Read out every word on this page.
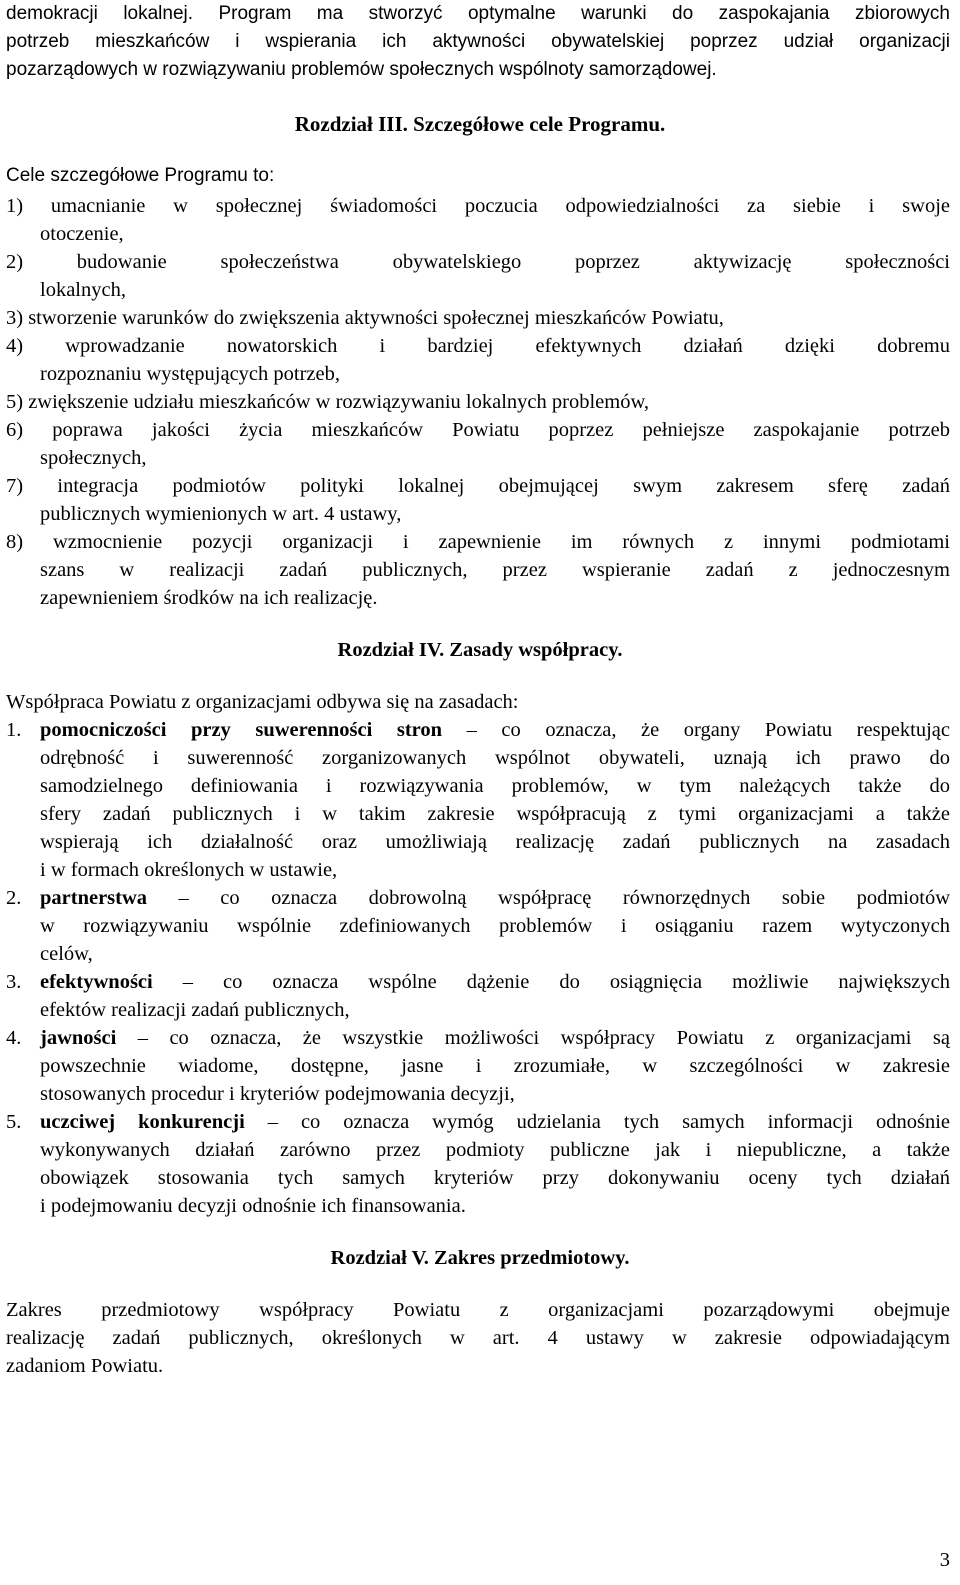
demokracji lokalnej. Program ma stworzyć optymalne warunki do zaspokajania zbiorowych

potrzeb mieszkańców i wspierania ich aktywności obywatelskiej poprzez udział organizacji

pozarządowych w rozwiązywaniu problemów społecznych wspólnoty samorządowej.

Rozdział III. Szczegółowe cele Programu.

Cele szczegółowe Programu to:

1) umacnianie w społecznej świadomości poczucia odpowiedzialności za siebie i swoje

otoczenie,

2) budowanie społeczeństwa obywatelskiego poprzez aktywizację społeczności

lokalnych,

3) stworzenie warunków do zwiększenia aktywności społecznej mieszkańców Powiatu,

4) wprowadzanie nowatorskich i bardziej efektywnych działań dzięki dobremu

rozpoznaniu występujących potrzeb,

5) zwiększenie udziału mieszkańców w rozwiązywaniu lokalnych problemów,

6) poprawa jakości życia mieszkańców Powiatu poprzez pełniejsze zaspokajanie potrzeb

społecznych,

7) integracja podmiotów polityki lokalnej obejmującej swym zakresem sferę zadań

publicznych wymienionych w art. 4 ustawy,

8) wzmocnienie pozycji organizacji i zapewnienie im równych z innymi podmiotami

szans w realizacji zadań publicznych, przez wspieranie zadań z jednoczesnym

zapewnieniem środków na ich realizację.

Rozdział IV. Zasady współpracy.

Współpraca Powiatu z organizacjami odbywa się na zasadach:

1. pomocniczości przy suwerenności stron – co oznacza, że organy Powiatu respektując

odrębność i suwerenność zorganizowanych wspólnot obywateli, uznają ich prawo do

samodzielnego definiowania i rozwiązywania problemów, w tym należących także do

sfery zadań publicznych i w takim zakresie współpracują z tymi organizacjami a także

wspierają ich działalność oraz umożliwiają realizację zadań publicznych na zasadach

i w formach określonych w ustawie,

2. partnerstwa – co oznacza dobrowolną współpracę równorzędnych sobie podmiotów

w rozwiązywaniu wspólnie zdefiniowanych problemów i osiąganiu razem wytyczonych

celów,

3. efektywności – co oznacza wspólne dążenie do osiągnięcia możliwie największych

efektów realizacji zadań publicznych,

4. jawności – co oznacza, że wszystkie możliwości współpracy Powiatu z organizacjami są

powszechnie wiadome, dostępne, jasne i zrozumiałe, w szczególności w zakresie

stosowanych procedur i kryteriów podejmowania decyzji,

5. uczciwej konkurencji – co oznacza wymóg udzielania tych samych informacji odnośnie

wykonywanych działań zarówno przez podmioty publiczne jak i niepubliczne, a także

obowiązek stosowania tych samych kryteriów przy dokonywaniu oceny tych działań

i podejmowaniu decyzji odnośnie ich finansowania.

Rozdział V. Zakres przedmiotowy.

Zakres przedmiotowy współpracy Powiatu z organizacjami pozarządowymi obejmuje

realizację zadań publicznych, określonych w art. 4 ustawy w zakresie odpowiadającym

zadaniom Powiatu.

3
